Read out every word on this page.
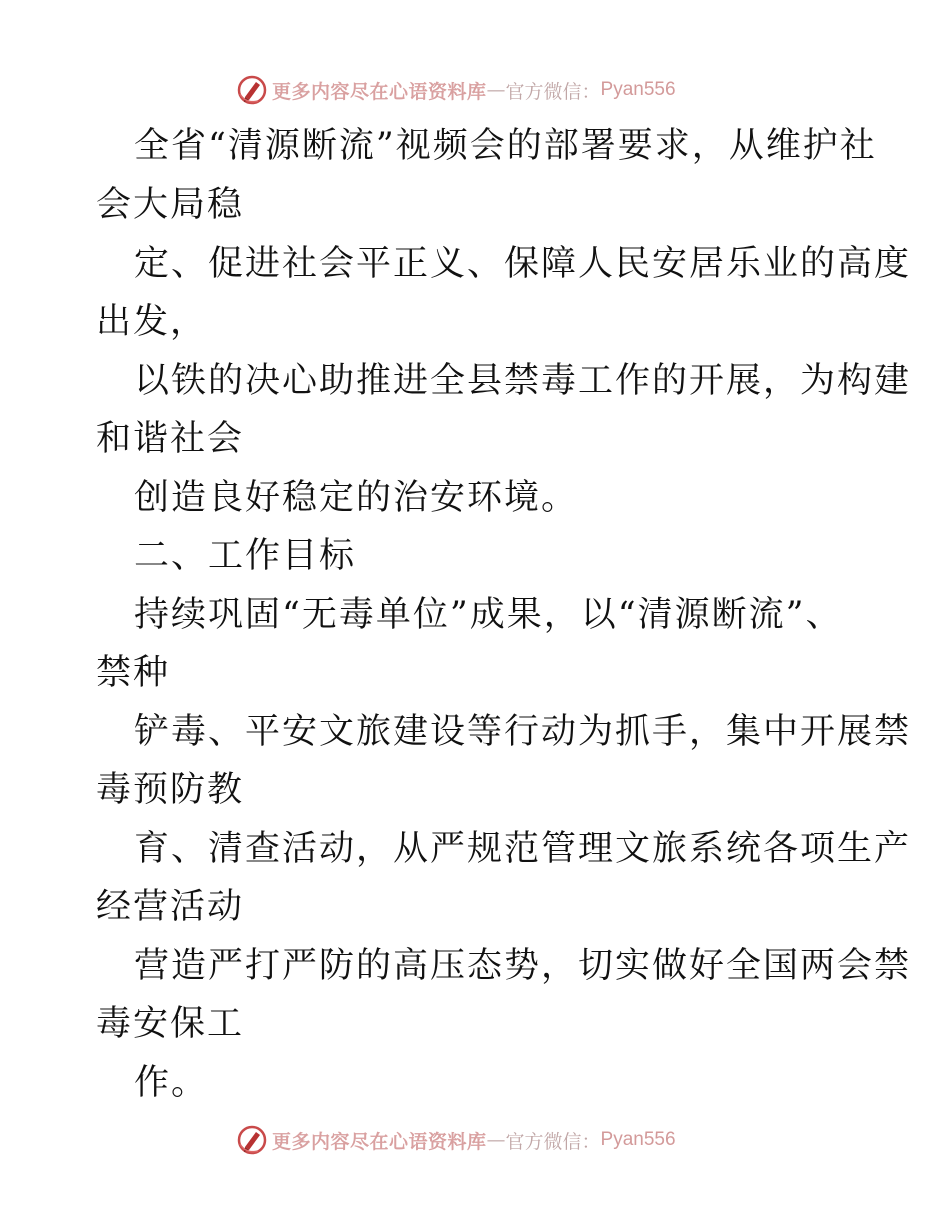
更多内容尽在心语资料库 — 官方微信： Pyan556
全省“清源断流”视频会的部署要求，从维护社
会大局稳
定、促进社会平正义、保障人民安居乐业的高度
出发，
以铁的决心助推进全县禁毒工作的开展，为构建
和谐社会
创造良好稳定的治安环境。
二、工作目标
持续巩固“无毒单位”成果，以“清源断流”、
禁种
铲毒、平安文旅建设等行动为抓手，集中开展禁
毒预防教
育、清查活动，从严规范管理文旅系统各项生产
经营活动
营造严打严防的高压态势，切实做好全国两会禁
毒安保工
作。
更多内容尽在心语资料库 — 官方微信： Pyan556
